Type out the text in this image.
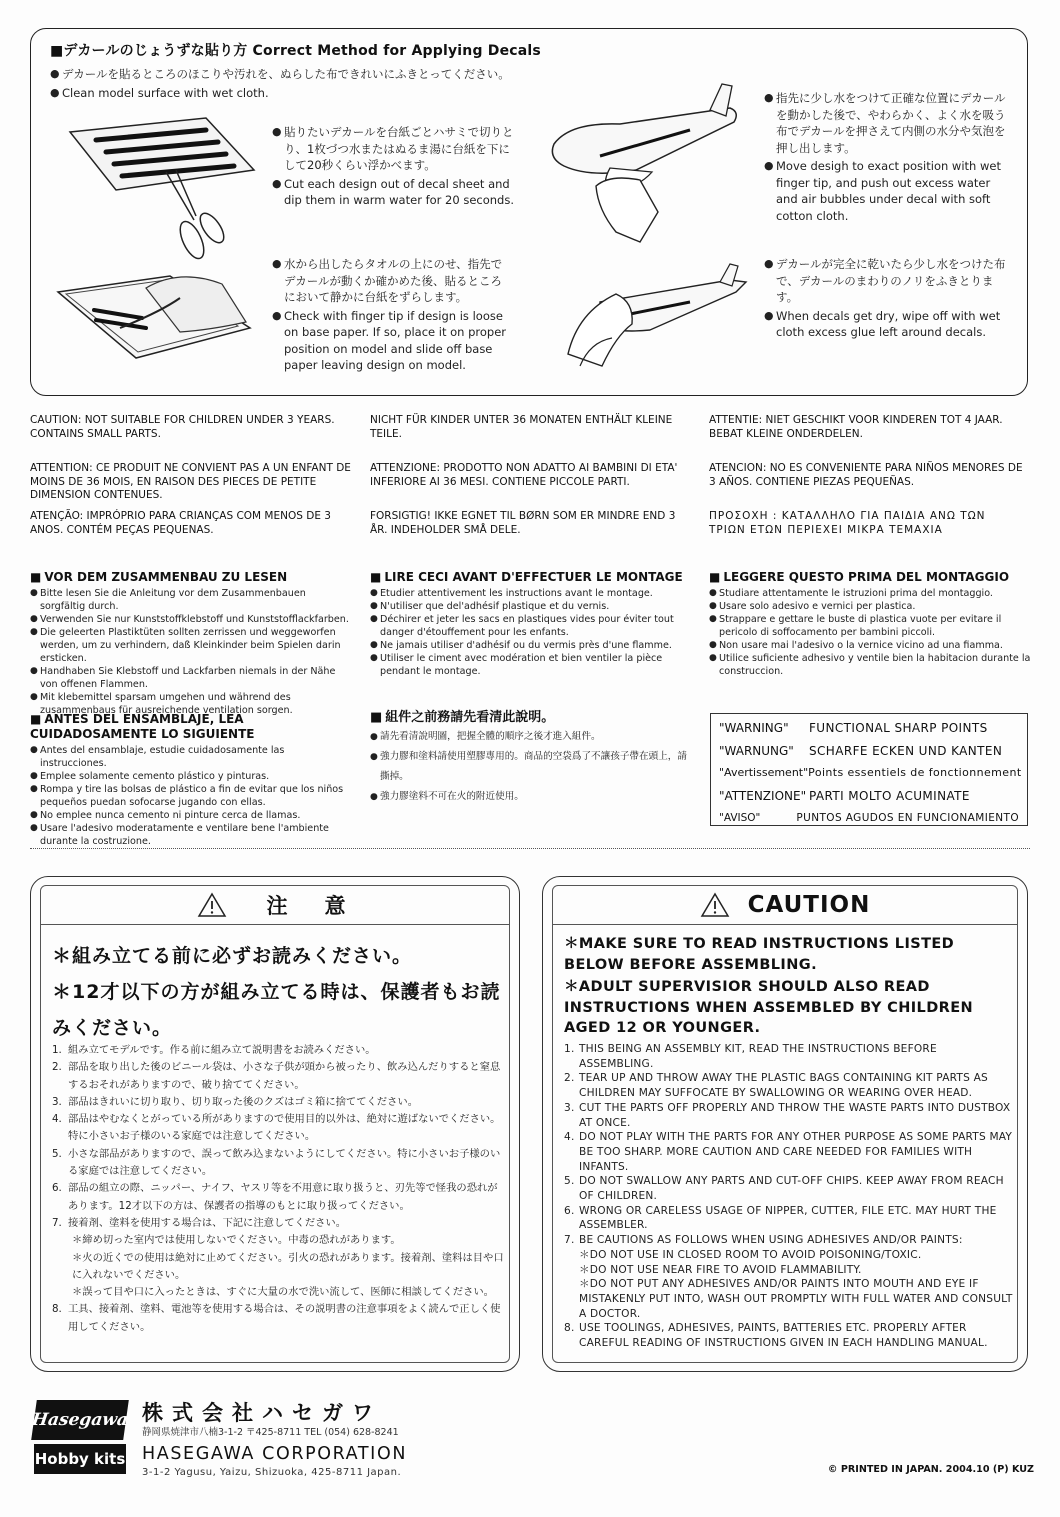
■デカールのじょうずな貼り方 Correct Method for Applying Decals

● デカールを貼るところのほこりや汚れを、ぬらした布できれいにふきとってください。

● Clean model surface with wet cloth.

● 貼りたいデカールを台紙ごとハサミで切りとり、1枚づつ水またはぬるま湯に台紙を下にして20秒くらい浮かべます。

● Cut each design out of decal sheet and dip them in warm water for 20 seconds.

● 水から出したらタオルの上にのせ、指先でデカールが動くか確かめた後、貼るところにおいて静かに台紙をずらします。

● Check with finger tip if design is loose on base paper. If so, place it on proper position on model and slide off base paper leaving design on model.

● 指先に少し水をつけて正確な位置にデカールを動かした後で、やわらかく、よく水を吸う布でデカールを押さえて内側の水分や気泡を押し出します。

● Move desigh to exact position with wet finger tip, and push out excess water and air bubbles under decal with soft cotton cloth.

● デカールが完全に乾いたら少し水をつけた布で、デカールのまわりのノリをふきとります。

● When decals get dry, wipe off with wet cloth excess glue left around decals.

CAUTION: NOT SUITABLE FOR CHILDREN UNDER 3 YEARS. CONTAINS SMALL PARTS.

NICHT FÜR KINDER UNTER 36 MONATEN ENTHÄLT KLEINE TEILE.

ATTENTIE: NIET GESCHIKT VOOR KINDEREN TOT 4 JAAR. BEBAT KLEINE ONDERDELEN.

ATTENTION: CE PRODUIT NE CONVIENT PAS A UN ENFANT DE MOINS DE 36 MOIS, EN RAISON DES PIECES DE PETITE DIMENSION CONTENUES.

ATTENZIONE: PRODOTTO NON ADATTO AI BAMBINI DI ETA' INFERIORE AI 36 MESI. CONTIENE PICCOLE PARTI.

ATENCION: NO ES CONVENIENTE PARA NIÑOS MENORES DE 3 AÑOS. CONTIENE PIEZAS PEQUEÑAS.

ATENÇÃO: IMPRÓPRIO PARA CRIANÇAS COM MENOS DE 3 ANOS. CONTÉM PEÇAS PEQUENAS.

FORSIGTIG! IKKE EGNET TIL BØRN SOM ER MINDRE END 3 ÅR. INDEHOLDER SMÅ DELE.

ΠΡΟΣΟΧΗ : ΚΑΤΑΛΛΗΛΟ ΓΙΑ ΠΑΙΔΙΑ ΑΝΩ ΤΩΝ ΤΡΙΩΝ ΕΤΩΝ ΠΕΡΙΕΧΕΙ ΜΙΚΡΑ ΤΕΜΑΧΙΑ

■ VOR DEM ZUSAMMENBAU ZU LESEN

● Bitte lesen Sie die Anleitung vor dem Zusammenbauen sorgfältig durch.

● Verwenden Sie nur Kunststoffklebstoff und Kunststofflackfarben.

● Die geleerten Plastiktüten sollten zerrissen und weggeworfen werden, um zu verhindern, daß Kleinkinder beim Spielen darin ersticken.

● Handhaben Sie Klebstoff und Lackfarben niemals in der Nähe von offenen Flammen.

● Mit klebemittel sparsam umgehen und während des zusammenbaus für ausreichende ventilation sorgen.

■ LIRE CECI AVANT D'EFFECTUER LE MONTAGE

● Etudier attentivement les instructions avant le montage.

● N'utiliser que del'adhésif plastique et du vernis.

● Déchirer et jeter les sacs en plastiques vides pour éviter tout danger d'étouffement pour les enfants.

● Ne jamais utiliser d'adhésif ou du vermis près d'une flamme.

● Utiliser le ciment avec modération et bien ventiler la pièce pendant le montage.

■ LEGGERE QUESTO PRIMA DEL MONTAGGIO

● Studiare attentamente le istruzioni prima del montaggio.

● Usare solo adesivo e vernici per plastica.

● Strappare e gettare le buste di plastica vuote per evitare il pericolo di soffocamento per bambini piccoli.

● Non usare mai l'adesivo o la vernice vicino ad una fiamma.

● Utilice suficiente adhesivo y ventile bien la habitacion durante la construccion.

■ ANTES DEL ENSAMBLAJE, LEA CUIDADOSAMENTE LO SIGUIENTE

● Antes del ensamblaje, estudie cuidadosamente las instrucciones.

● Emplee solamente cemento plástico y pinturas.

● Rompa y tire las bolsas de plástico a fin de evitar que los niños pequeños puedan sofocarse jugando con ellas.

● No emplee nunca cemento ni pinture cerca de llamas.

● Usare l'adesivo moderatamente e ventilare bene l'ambiente durante la costruzione.

■ 組件之前務請先看清此說明。

● 請先看清說明圖，把握全體的順序之後才進入組件。

● 強力膠和塗料請使用塑膠專用的。商品的空袋爲了不讓孩子帶在頭上，請撕掉。

● 強力膠塗料不可在火的附近使用。

"WARNING"	FUNCTIONAL SHARP POINTS
"WARNUNG"	SCHARFE ECKEN UND KANTEN
"Avertissement" Points essentiels de fonctionnement
"ATTENZIONE" PARTI MOLTO ACUMINATE
"AVISO"	PUNTOS AGUDOS EN FUNCIONAMIENTO
注　意

＊組み立てる前に必ずお読みください。

＊12才以下の方が組み立てる時は、保護者もお読みください。

1. 組み立てモデルです。作る前に組み立て説明書をお読みください。
2. 部品を取り出した後のビニール袋は、小さな子供が頭から被ったり、飲み込んだりすると窒息するおそれがありますので、破り捨ててください。
3. 部品はきれいに切り取り、切り取った後のクズはゴミ箱に捨ててください。
4. 部品はやむなくとがっている所がありますので使用目的以外は、絶対に遊ばないでください。特に小さいお子様のいる家庭では注意してください。
5. 小さな部品がありますので、誤って飲み込まないようにしてください。特に小さいお子様のいる家庭では注意してください。
6. 部品の組立の際、ニッパー、ナイフ、ヤスリ等を不用意に取り扱うと、刃先等で怪我の恐れがあります。12才以下の方は、保護者の指導のもとに取り扱ってください。
7. 接着剤、塗料を使用する場合は、下記に注意してください。
＊締め切った室内では使用しないでください。中毒の恐れがあります。
＊火の近くでの使用は絶対に止めてください。引火の恐れがあります。接着剤、塗料は目や口に入れないでください。
＊誤って目や口に入ったときは、すぐに大量の水で洗い流して、医師に相談してください。
8. 工具、接着剤、塗料、電池等を使用する場合は、その説明書の注意事項をよく読んで正しく使用してください。
CAUTION

＊MAKE SURE TO READ INSTRUCTIONS LISTED BELOW BEFORE ASSEMBLING.

＊ADULT SUPERVISIOR SHOULD ALSO READ INSTRUCTIONS WHEN ASSEMBLED BY CHILDREN AGED 12 OR YOUNGER.

1. THIS BEING AN ASSEMBLY KIT, READ THE INSTRUCTIONS BEFORE ASSEMBLING.
2. TEAR UP AND THROW AWAY THE PLASTIC BAGS CONTAINING KIT PARTS AS CHILDREN MAY SUFFOCATE BY SWALLOWING OR WEARING OVER HEAD.
3. CUT THE PARTS OFF PROPERLY AND THROW THE WASTE PARTS INTO DUSTBOX AT ONCE.
4. DO NOT PLAY WITH THE PARTS FOR ANY OTHER PURPOSE AS SOME PARTS MAY BE TOO SHARP. MORE CAUTION AND CARE NEEDED FOR FAMILIES WITH INFANTS.
5. DO NOT SWALLOW ANY PARTS AND CUT-OFF CHIPS. KEEP AWAY FROM REACH OF CHILDREN.
6. WRONG OR CARELESS USAGE OF NIPPER, CUTTER, FILE ETC. MAY HURT THE ASSEMBLER.
7. BE CAUTIONS AS FOLLOWS WHEN USING ADHESIVES AND/OR PAINTS:
＊DO NOT USE IN CLOSED ROOM TO AVOID POISONING/TOXIC.
＊DO NOT USE NEAR FIRE TO AVOID FLAMMABILITY.
＊DO NOT PUT ANY ADHESIVES AND/OR PAINTS INTO MOUTH AND EYE IF MISTAKENLY PUT INTO, WASH OUT PROMPTLY WITH FULL WATER AND CONSULT A DOCTOR.
8. USE TOOLINGS, ADHESIVES, PAINTS, BATTERIES ETC. PROPERLY AFTER CAREFUL READING OF INSTRUCTIONS GIVEN IN EACH HANDLING MANUAL.
Hasegawa
Hobby kits

株式会社ハセガワ

静岡県焼津市八楠3-1-2 〒425-8711 TEL (054) 628-8241

HASEGAWA CORPORATION

3-1-2 Yagusu, Yaizu, Shizuoka, 425-8711 Japan.	© PRINTED IN JAPAN. 2004.10 (P) KUZ
